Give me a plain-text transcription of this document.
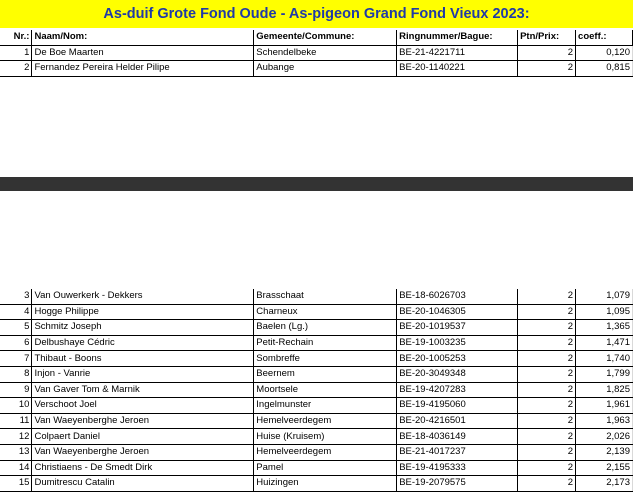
As-duif Grote Fond Oude - As-pigeon Grand Fond Vieux 2023:
Nr.:	Naam/Nom:	Gemeente/Commune:	Ringnummer/Bague:	Ptn/Prix:	coeff.:
1	De Boe Maarten	Schendelbeke	BE-21-4221711	2	0,120
2	Fernandez Pereira Helder Pilipe	Aubange	BE-20-1140221	2	0,815
3	Van Ouwerkerk - Dekkers	Brasschaat	BE-18-6026703	2	1,079
4	Hogge Philippe	Charneux	BE-20-1046305	2	1,095
5	Schmitz Joseph	Baelen (Lg.)	BE-20-1019537	2	1,365
6	Delbushaye Cédric	Petit-Rechain	BE-19-1003235	2	1,471
7	Thibaut - Boons	Sombreffe	BE-20-1005253	2	1,740
8	Injon - Vanrie	Beernem	BE-20-3049348	2	1,799
9	Van Gaver Tom & Marnik	Moortsele	BE-19-4207283	2	1,825
10	Verschoot Joel	Ingelmunster	BE-19-4195060	2	1,961
11	Van Waeyenberghe Jeroen	Hemelveerdegem	BE-20-4216501	2	1,963
12	Colpaert Daniel	Huise (Kruisem)	BE-18-4036149	2	2,026
13	Van Waeyenberghe Jeroen	Hemelveerdegem	BE-21-4017237	2	2,139
14	Christiaens - De Smedt Dirk	Pamel	BE-19-4195333	2	2,155
15	Dumitrescu Catalin	Huizingen	BE-19-2079575	2	2,173
